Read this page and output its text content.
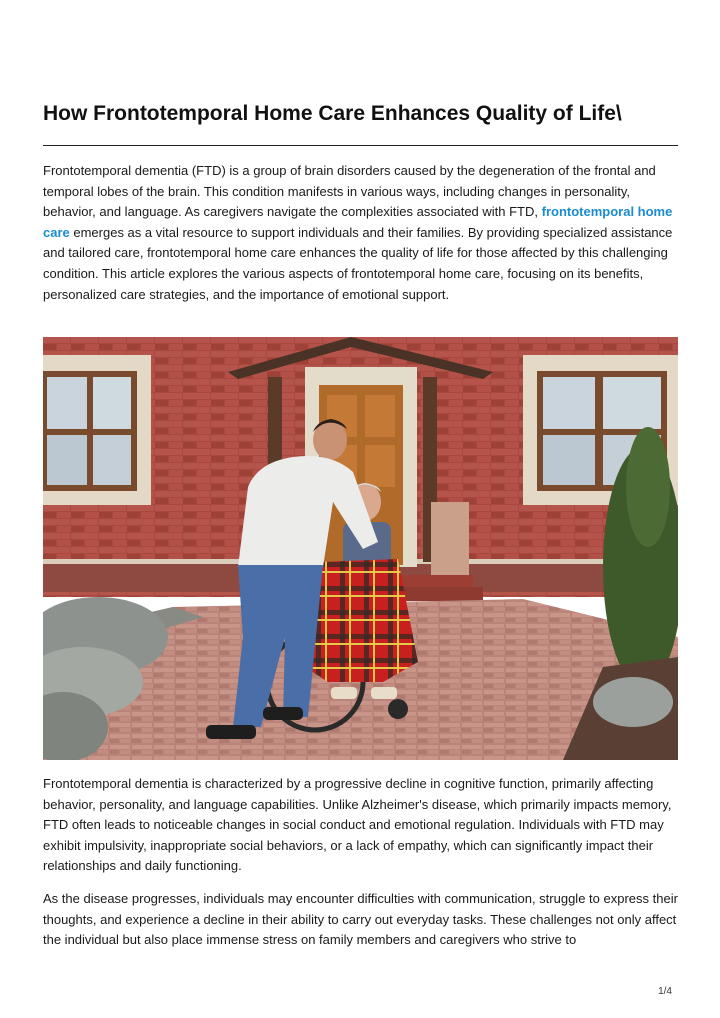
How Frontotemporal Home Care Enhances Quality of Life\

Frontotemporal dementia (FTD) is a group of brain disorders caused by the degeneration of the frontal and temporal lobes of the brain. This condition manifests in various ways, including changes in personality, behavior, and language. As caregivers navigate the complexities associated with FTD, frontotemporal home care emerges as a vital resource to support individuals and their families. By providing specialized assistance and tailored care, frontotemporal home care enhances the quality of life for those affected by this challenging condition. This article explores the various aspects of frontotemporal home care, focusing on its benefits, personalized care strategies, and the importance of emotional support.

Frontotemporal dementia is characterized by a progressive decline in cognitive function, primarily affecting behavior, personality, and language capabilities. Unlike Alzheimer's disease, which primarily impacts memory, FTD often leads to noticeable changes in social conduct and emotional regulation. Individuals with FTD may exhibit impulsivity, inappropriate social behaviors, or a lack of empathy, which can significantly impact their relationships and daily functioning.

As the disease progresses, individuals may encounter difficulties with communication, struggle to express their thoughts, and experience a decline in their ability to carry out everyday tasks. These challenges not only affect the individual but also place immense stress on family members and caregivers who strive to

1/4
